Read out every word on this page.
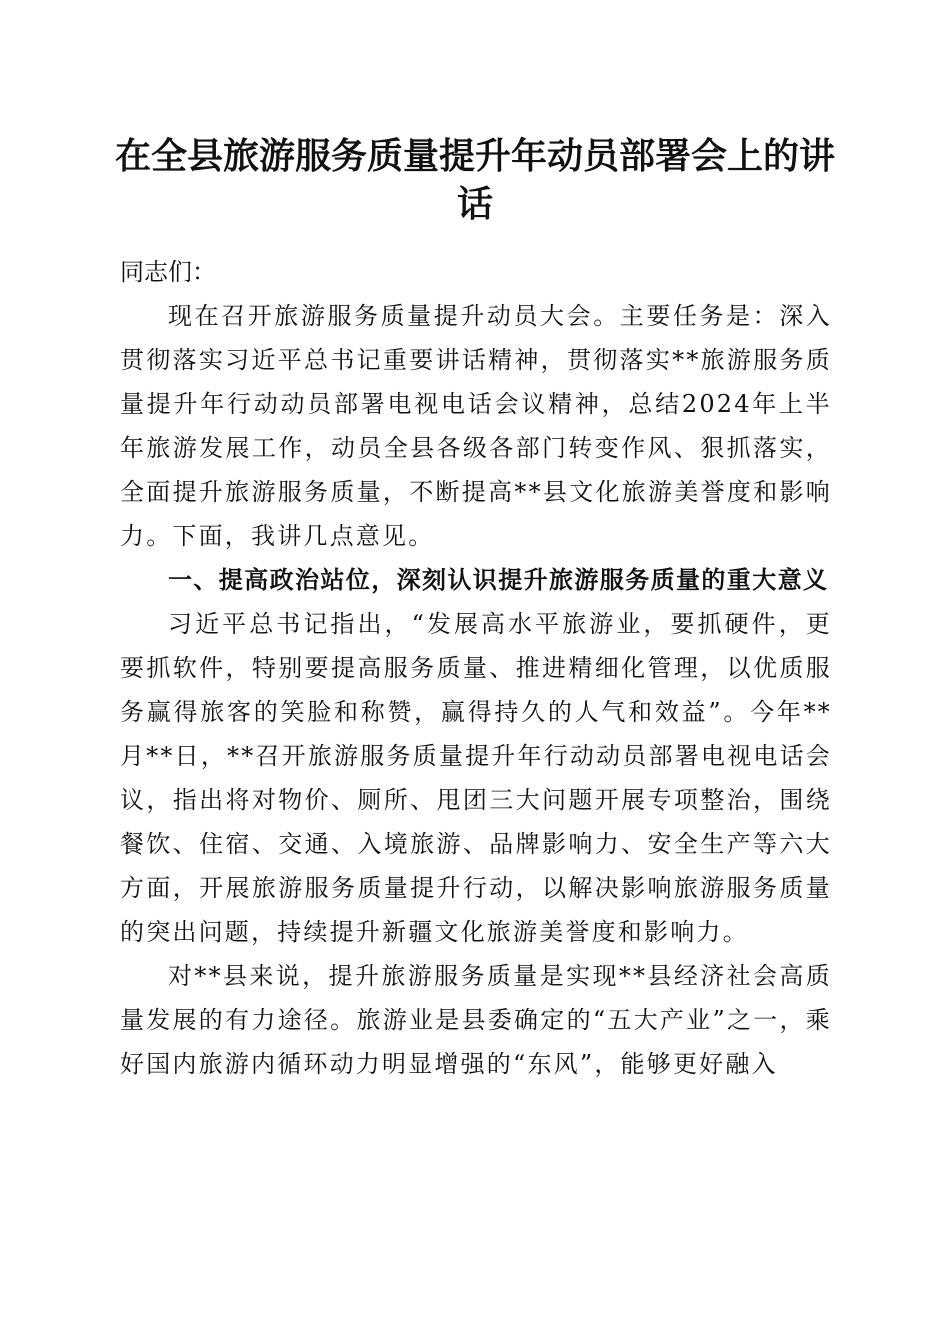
在全县旅游服务质量提升年动员部署会上的讲话

同志们：

现在召开旅游服务质量提升动员大会。主要任务是：深入贯彻落实习近平总书记重要讲话精神，贯彻落实**旅游服务质量提升年行动动员部署电视电话会议精神，总结2024年上半年旅游发展工作，动员全县各级各部门转变作风、狠抓落实，全面提升旅游服务质量，不断提高**县文化旅游美誉度和影响力。下面，我讲几点意见。

一、提高政治站位，深刻认识提升旅游服务质量的重大意义

习近平总书记指出，“发展高水平旅游业，要抓硬件，更要抓软件，特别要提高服务质量、推进精细化管理，以优质服务赢得旅客的笑脸和称赞，赢得持久的人气和效益”。今年**月**日，**召开旅游服务质量提升年行动动员部署电视电话会议，指出将对物价、厕所、甩团三大问题开展专项整治，围绕餐饮、住宿、交通、入境旅游、品牌影响力、安全生产等六大方面，开展旅游服务质量提升行动，以解决影响旅游服务质量的突出问题，持续提升新疆文化旅游美誉度和影响力。

对**县来说，提升旅游服务质量是实现**县经济社会高质量发展的有力途径。旅游业是县委确定的“五大产业”之一，乘好国内旅游内循环动力明显增强的“东风”，能够更好融入
